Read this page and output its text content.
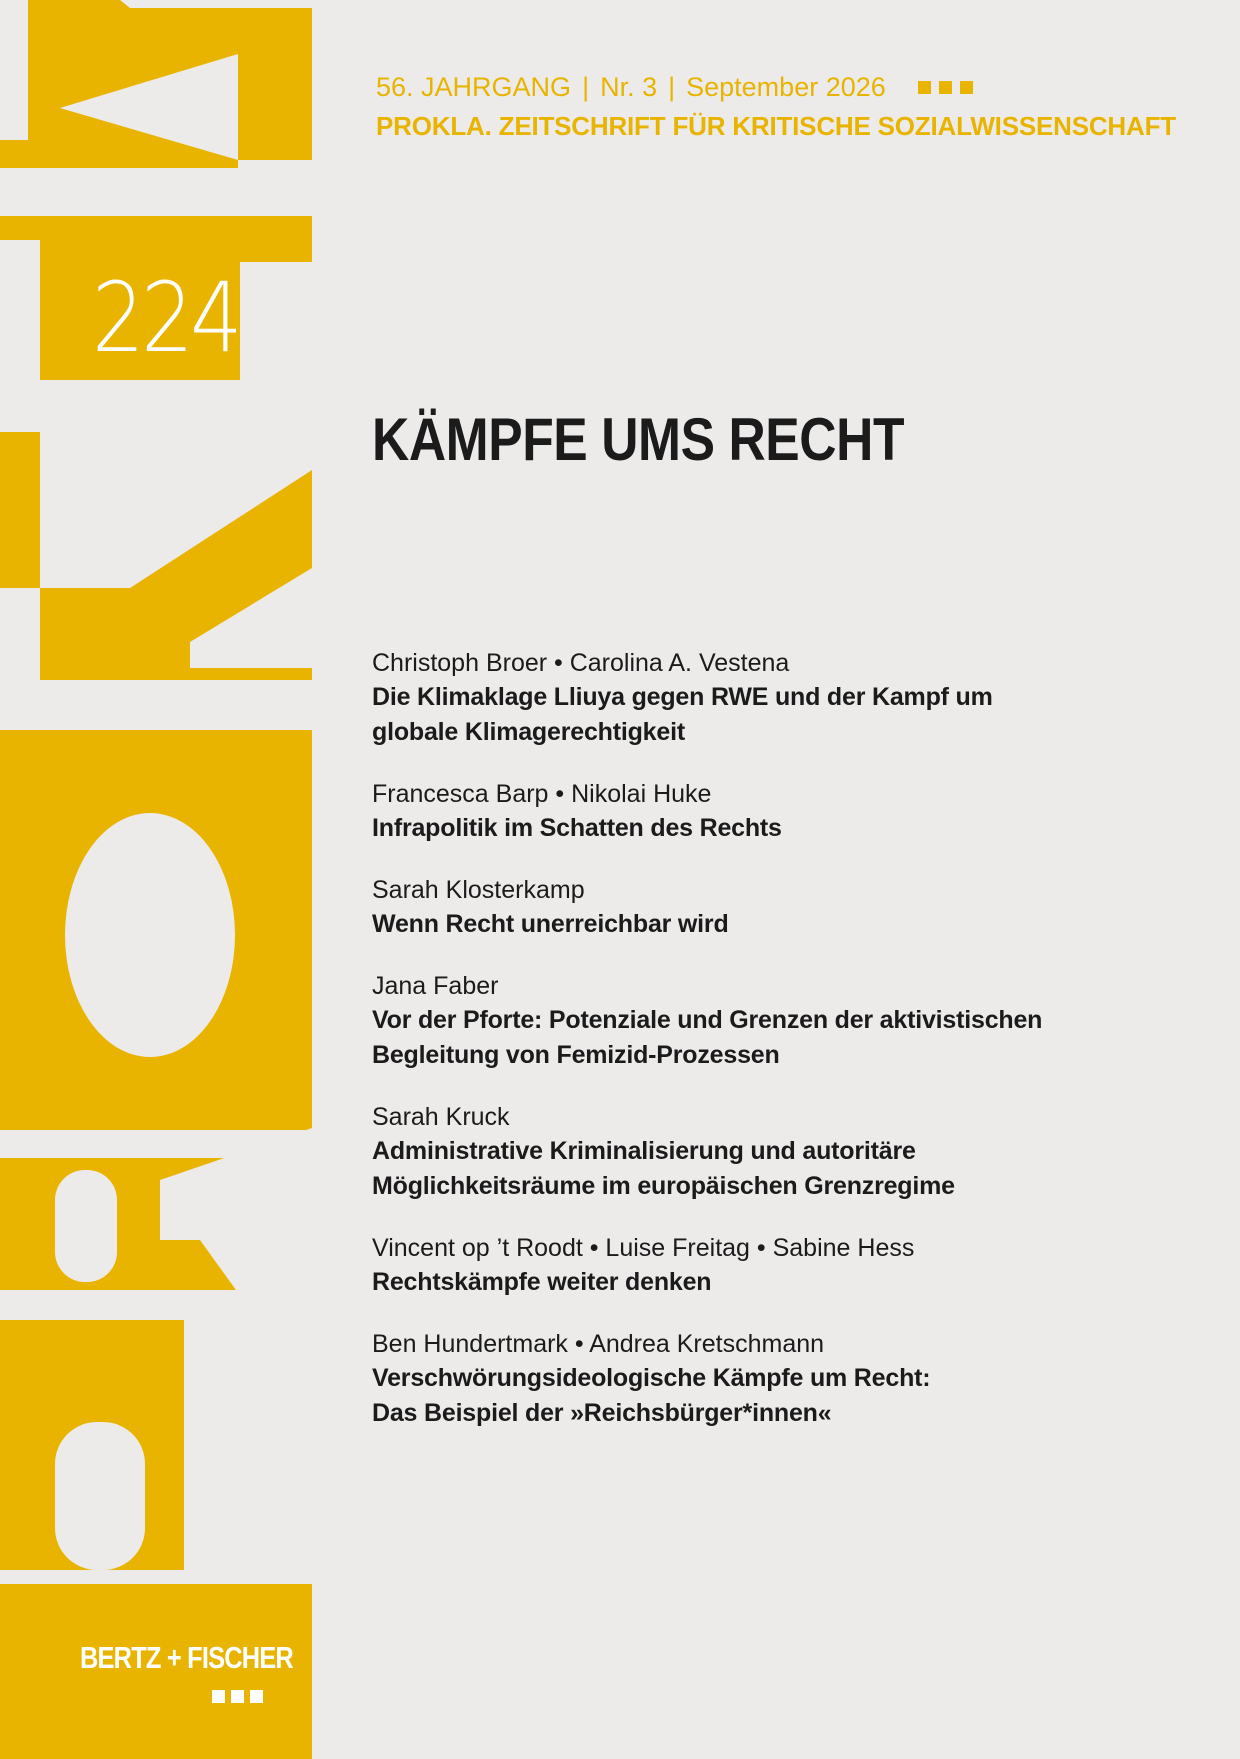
224
BERTZ + FISCHER
56. JAHRGANG | Nr. 3 | September 2026
PROKLA. ZEITSCHRIFT FÜR KRITISCHE SOZIALWISSENSCHAFT
KÄMPFE UMS RECHT
Christoph Broer • Carolina A. Vestena
Die Klimaklage Lliuya gegen RWE und der Kampf um
globale Klimagerechtigkeit
Francesca Barp • Nikolai Huke
Infrapolitik im Schatten des Rechts
Sarah Klosterkamp
Wenn Recht unerreichbar wird
Jana Faber
Vor der Pforte: Potenziale und Grenzen der aktivistischen
Begleitung von Femizid-Prozessen
Sarah Kruck
Administrative Kriminalisierung und autoritäre
Möglichkeitsräume im europäischen Grenzregime
Vincent op ’t Roodt • Luise Freitag • Sabine Hess
Rechtskämpfe weiter denken
Ben Hundertmark • Andrea Kretschmann
Verschwörungsideologische Kämpfe um Recht:
Das Beispiel der »Reichsbürger*innen«
